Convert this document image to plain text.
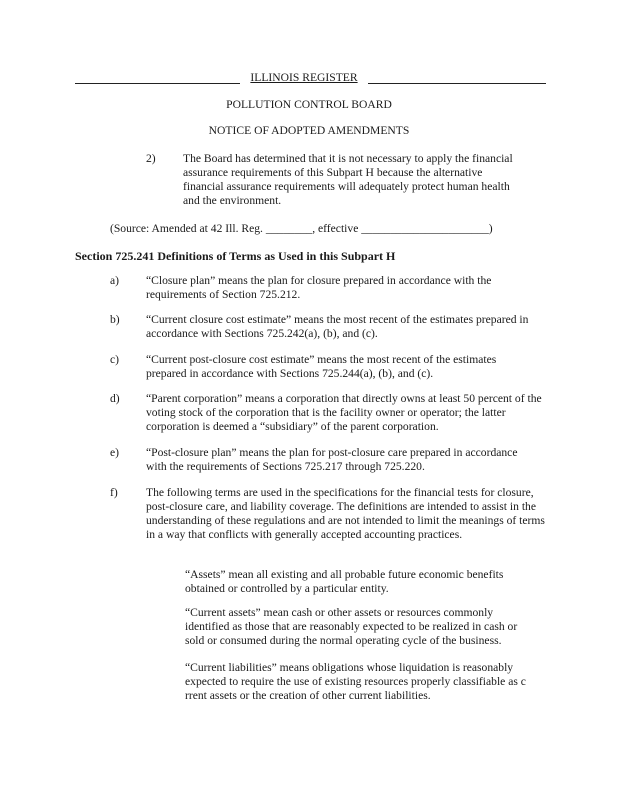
ILLINOIS REGISTER
POLLUTION CONTROL BOARD
NOTICE OF ADOPTED AMENDMENTS
2) The Board has determined that it is not necessary to apply the financial assurance requirements of this Subpart H because the alternative financial assurance requirements will adequately protect human health and the environment.
(Source: Amended at 42 Ill. Reg. ________, effective ______________________)
Section 725.241 Definitions of Terms as Used in this Subpart H
a) “Closure plan” means the plan for closure prepared in accordance with the requirements of Section 725.212.
b) “Current closure cost estimate” means the most recent of the estimates prepared in accordance with Sections 725.242(a), (b), and (c).
c) “Current post-closure cost estimate” means the most recent of the estimates prepared in accordance with Sections 725.244(a), (b), and (c).
d) “Parent corporation” means a corporation that directly owns at least 50 percent of the voting stock of the corporation that is the facility owner or operator; the latter corporation is deemed a “subsidiary” of the parent corporation.
e) “Post-closure plan” means the plan for post-closure care prepared in accordance with the requirements of Sections 725.217 through 725.220.
f) The following terms are used in the specifications for the financial tests for closure, post-closure care, and liability coverage. The definitions are intended to assist in the understanding of these regulations and are not intended to limit the meanings of terms in a way that conflicts with generally accepted accounting practices.
“Assets” mean all existing and all probable future economic benefits obtained or controlled by a particular entity.
“Current assets” mean cash or other assets or resources commonly identified as those that are reasonably expected to be realized in cash or sold or consumed during the normal operating cycle of the business.
“Current liabilities” means obligations whose liquidation is reasonably expected to require the use of existing resources properly classifiable as c rrent assets or the creation of other current liabilities.
